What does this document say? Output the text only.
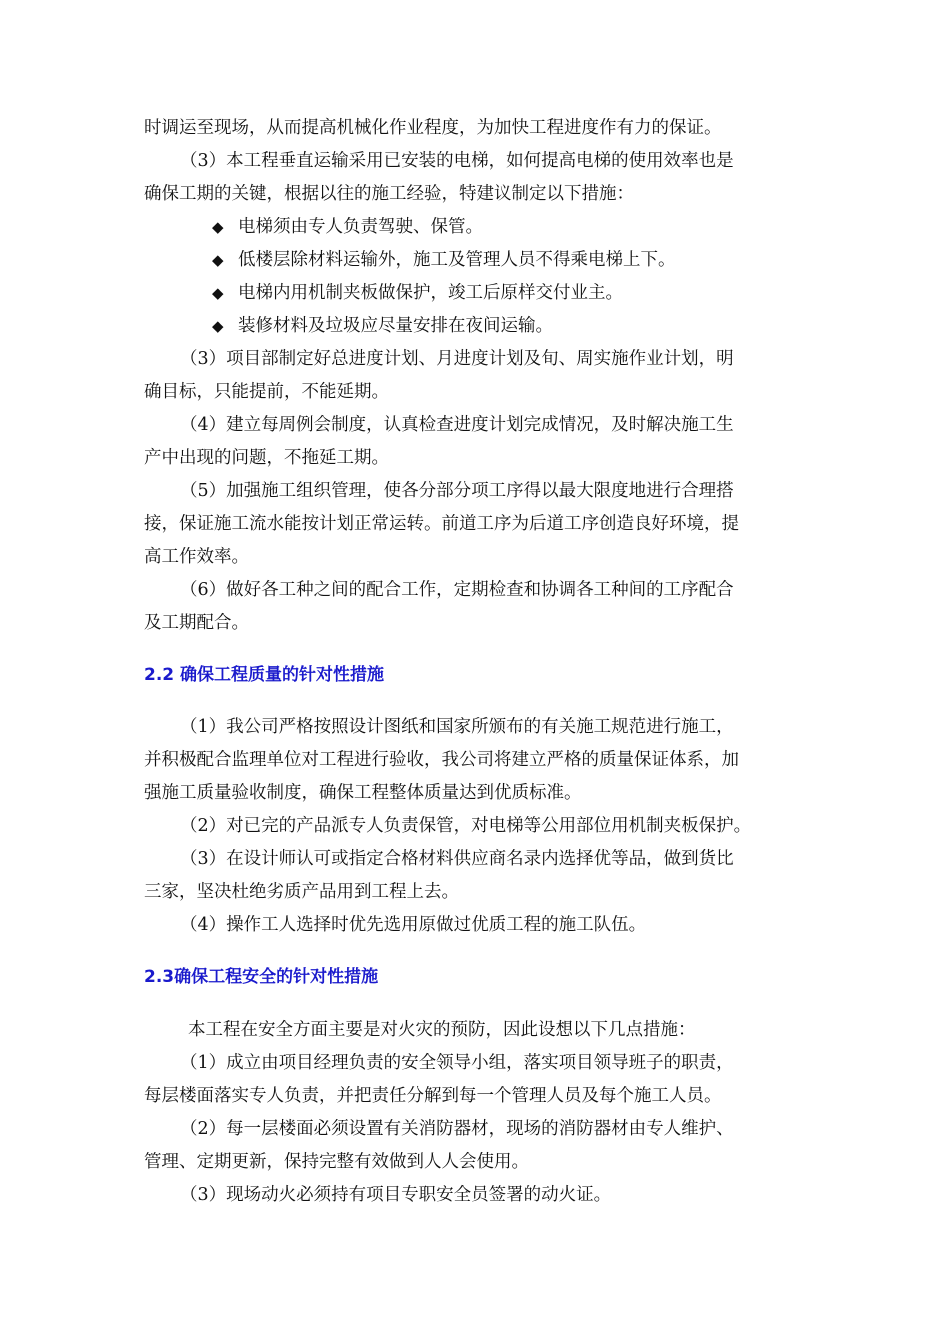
时调运至现场，从而提高机械化作业程度，为加快工程进度作有力的保证。
（3）本工程垂直运输采用已安装的电梯，如何提高电梯的使用效率也是
确保工期的关键，根据以往的施工经验，特建议制定以下措施：
◆ 电梯须由专人负责驾驶、保管。
◆ 低楼层除材料运输外，施工及管理人员不得乘电梯上下。
◆ 电梯内用机制夹板做保护，竣工后原样交付业主。
◆ 装修材料及垃圾应尽量安排在夜间运输。
（3）项目部制定好总进度计划、月进度计划及旬、周实施作业计划，明
确目标，只能提前，不能延期。
（4）建立每周例会制度，认真检查进度计划完成情况，及时解决施工生
产中出现的问题，不拖延工期。
（5）加强施工组织管理，使各分部分项工序得以最大限度地进行合理搭
接，保证施工流水能按计划正常运转。前道工序为后道工序创造良好环境，提
高工作效率。
（6）做好各工种之间的配合工作，定期检查和协调各工种间的工序配合
及工期配合。
2.2 确保工程质量的针对性措施
（1）我公司严格按照设计图纸和国家所颁布的有关施工规范进行施工，
并积极配合监理单位对工程进行验收，我公司将建立严格的质量保证体系，加
强施工质量验收制度，确保工程整体质量达到优质标准。
（2）对已完的产品派专人负责保管，对电梯等公用部位用机制夹板保护。
（3）在设计师认可或指定合格材料供应商名录内选择优等品，做到货比
三家，坚决杜绝劣质产品用到工程上去。
（4）操作工人选择时优先选用原做过优质工程的施工队伍。
2.3确保工程安全的针对性措施
本工程在安全方面主要是对火灾的预防，因此设想以下几点措施：
（1）成立由项目经理负责的安全领导小组，落实项目领导班子的职责，
每层楼面落实专人负责，并把责任分解到每一个管理人员及每个施工人员。
（2）每一层楼面必须设置有关消防器材，现场的消防器材由专人维护、
管理、定期更新，保持完整有效做到人人会使用。
（3）现场动火必须持有项目专职安全员签署的动火证。
